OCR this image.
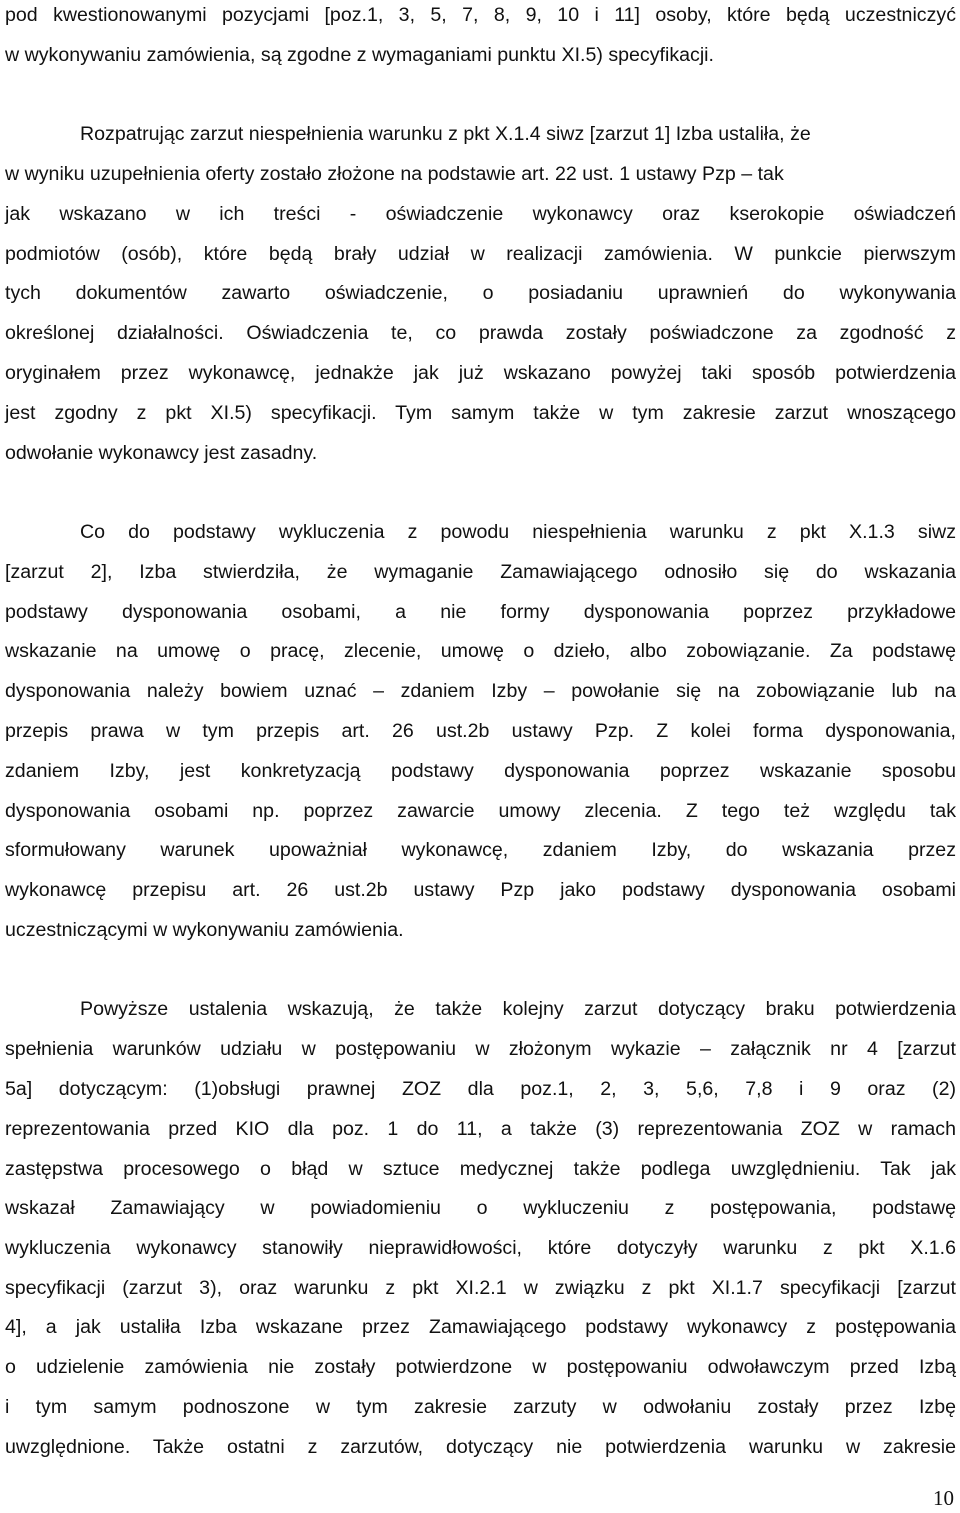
pod kwestionowanymi pozycjami [poz.1, 3, 5, 7, 8, 9, 10 i 11] osoby, które będą uczestniczyć

w wykonywaniu zamówienia, są zgodne z wymaganiami punktu XI.5) specyfikacji.

Rozpatrując zarzut niespełnienia warunku z pkt X.1.4 siwz [zarzut 1] Izba ustaliła, że

w wyniku uzupełnienia oferty zostało złożone na podstawie art. 22 ust. 1 ustawy Pzp – tak

jak wskazano w ich treści - oświadczenie wykonawcy oraz kserokopie oświadczeń

podmiotów (osób), które będą brały udział w realizacji zamówienia. W punkcie pierwszym

tych dokumentów zawarto oświadczenie, o posiadaniu uprawnień do wykonywania

określonej działalności. Oświadczenia te, co prawda zostały poświadczone za zgodność z

oryginałem przez wykonawcę, jednakże jak już wskazano powyżej taki sposób potwierdzenia

jest zgodny z pkt XI.5) specyfikacji. Tym samym także w tym zakresie zarzut wnoszącego

odwołanie wykonawcy jest zasadny.

Co do podstawy wykluczenia z powodu niespełnienia warunku z pkt X.1.3 siwz

[zarzut 2], Izba stwierdziła, że wymaganie Zamawiającego odnosiło się do wskazania

podstawy dysponowania osobami, a nie formy dysponowania poprzez przykładowe

wskazanie na umowę o pracę, zlecenie, umowę o dzieło, albo zobowiązanie. Za podstawę

dysponowania należy bowiem uznać – zdaniem Izby – powołanie się na zobowiązanie lub na

przepis prawa w tym przepis art. 26 ust.2b ustawy Pzp. Z kolei forma dysponowania,

zdaniem Izby, jest konkretyzacją podstawy dysponowania poprzez wskazanie sposobu

dysponowania osobami np. poprzez zawarcie umowy zlecenia. Z tego też względu tak

sformułowany warunek upoważniał wykonawcę, zdaniem Izby, do wskazania przez

wykonawcę przepisu art. 26 ust.2b ustawy Pzp jako podstawy dysponowania osobami

uczestniczącymi w wykonywaniu zamówienia.

Powyższe ustalenia wskazują, że także kolejny zarzut dotyczący braku potwierdzenia

spełnienia warunków udziału w postępowaniu w złożonym wykazie – załącznik nr 4 [zarzut

5a] dotyczącym: (1)obsługi prawnej ZOZ dla poz.1, 2, 3, 5,6, 7,8 i 9 oraz (2)

reprezentowania przed KIO dla poz. 1 do 11, a także (3) reprezentowania ZOZ w ramach

zastępstwa procesowego o błąd w sztuce medycznej także podlega uwzględnieniu. Tak jak

wskazał Zamawiający w powiadomieniu o wykluczeniu z postępowania, podstawę

wykluczenia wykonawcy stanowiły nieprawidłowości, które dotyczyły warunku z pkt X.1.6

specyfikacji (zarzut 3), oraz warunku z pkt XI.2.1 w związku z pkt XI.1.7 specyfikacji [zarzut

4], a jak ustaliła Izba wskazane przez Zamawiającego podstawy wykonawcy z postępowania

o udzielenie zamówienia nie zostały potwierdzone w postępowaniu odwoławczym przed Izbą

i tym samym podnoszone w tym zakresie zarzuty w odwołaniu zostały przez Izbę

uwzględnione. Także ostatni z zarzutów, dotyczący nie potwierdzenia warunku w zakresie

10
